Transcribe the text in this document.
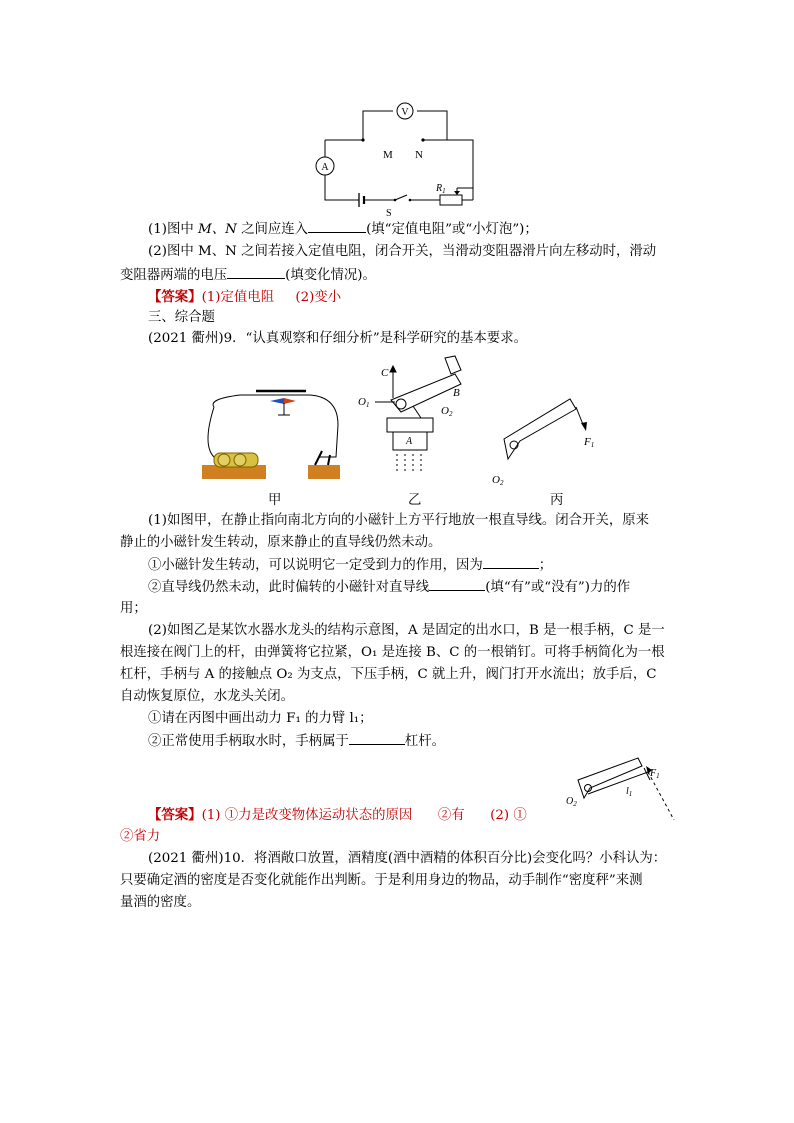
V
A
M N
S
$R_1$
(1)图中 M、N 之间应连入	(填“定值电阻”或“小灯泡”)；
(2)图中 M、N 之间若接入定值电阻，闭合开关，当滑动变阻器滑片向左移动时，滑动
变阻器两端的电压	(填变化情况)。
【答案】(1)定值电阻 (2)变小
三、综合题
(2021 衢州)9．“认真观察和仔细分析”是科学研究的基本要求。
甲
C
B
O1	O2
A
乙
F1
O2
丙
(1)如图甲，在静止指向南北方向的小磁针上方平行地放一根直导线。闭合开关，原来
静止的小磁针发生转动，原来静止的直导线仍然未动。
①小磁针发生转动，可以说明它一定受到力的作用，因为	；
②直导线仍然未动，此时偏转的小磁针对直导线	(填“有”或“没有”)力的作
用；
(2)如图乙是某饮水器水龙头的结构示意图，A 是固定的出水口，B 是一根手柄，C 是一
根连接在阀门上的杆，由弹簧将它拉紧，O₁ 是连接 B、C 的一根销钉。可将手柄简化为一根
杠杆，手柄与 A 的接触点 O₂ 为支点，下压手柄，C 就上升，阀门打开水流出；放手后，C
自动恢复原位，水龙头关闭。
①请在丙图中画出动力 F₁ 的力臂 l₁；
②正常使用手柄取水时，手柄属于	杠杆。
$F_1$
$l_1$
$O_2$
【答案】(1) ①力是改变物体运动状态的原因 ②有 (2) ①
②省力
(2021 衢州)10．将酒敞口放置，酒精度(酒中酒精的体积百分比)会变化吗？小科认为：
只要确定酒的密度是否变化就能作出判断。于是利用身边的物品，动手制作“密度秤”来测
量酒的密度。
